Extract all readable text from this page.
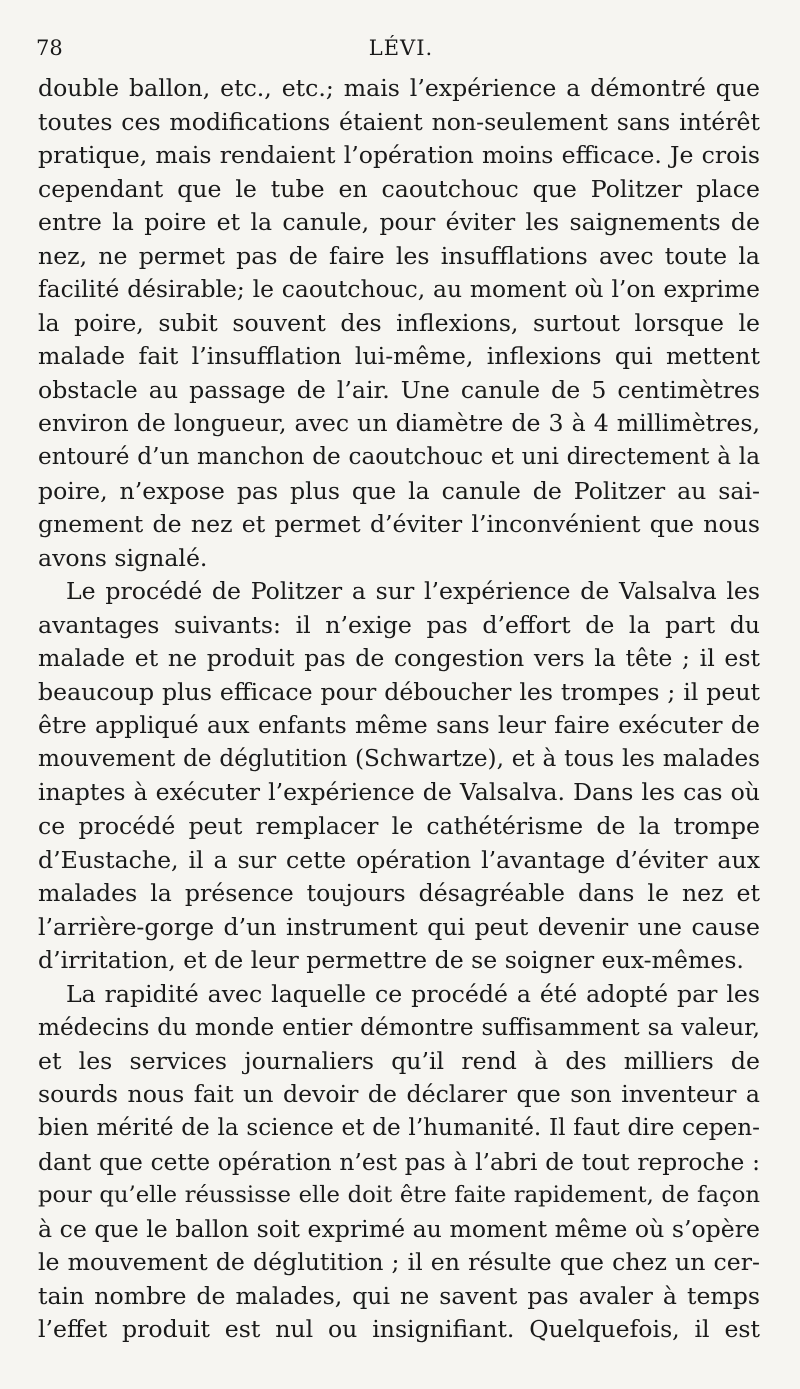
78	LÉVI.
double ballon, etc., etc.; mais l’expérience a démontré que
toutes ces modifications étaient non-seulement sans intérêt
pratique, mais rendaient l’opération moins efficace. Je crois
cependant que le tube en caoutchouc que Politzer place
entre la poire et la canule, pour éviter les saignements de
nez, ne permet pas de faire les insufflations avec toute la
facilité désirable; le caoutchouc, au moment où l’on exprime
la poire, subit souvent des inflexions, surtout lorsque le
malade fait l’insufflation lui-même, inflexions qui mettent
obstacle au passage de l’air. Une canule de 5 centimètres
environ de longueur, avec un diamètre de 3 à 4 millimètres,
entouré d’un manchon de caoutchouc et uni directement à la
poire, n’expose pas plus que la canule de Politzer au sai-
gnement de nez et permet d’éviter l’inconvénient que nous
avons signalé.
Le procédé de Politzer a sur l’expérience de Valsalva les
avantages suivants: il n’exige pas d’effort de la part du
malade et ne produit pas de congestion vers la tête ; il est
beaucoup plus efficace pour déboucher les trompes ; il peut
être appliqué aux enfants même sans leur faire exécuter de
mouvement de déglutition (Schwartze), et à tous les malades
inaptes à exécuter l’expérience de Valsalva. Dans les cas où
ce procédé peut remplacer le cathétérisme de la trompe
d’Eustache, il a sur cette opération l’avantage d’éviter aux
malades la présence toujours désagréable dans le nez et
l’arrière-gorge d’un instrument qui peut devenir une cause
d’irritation, et de leur permettre de se soigner eux-mêmes.
La rapidité avec laquelle ce procédé a été adopté par les
médecins du monde entier démontre suffisamment sa valeur,
et les services journaliers qu’il rend à des milliers de
sourds nous fait un devoir de déclarer que son inventeur a
bien mérité de la science et de l’humanité. Il faut dire cepen-
dant que cette opération n’est pas à l’abri de tout reproche :
pour qu’elle réussisse elle doit être faite rapidement, de façon
à ce que le ballon soit exprimé au moment même où s’opère
le mouvement de déglutition ; il en résulte que chez un cer-
tain nombre de malades, qui ne savent pas avaler à temps
l’effet produit est nul ou insignifiant. Quelquefois, il est
